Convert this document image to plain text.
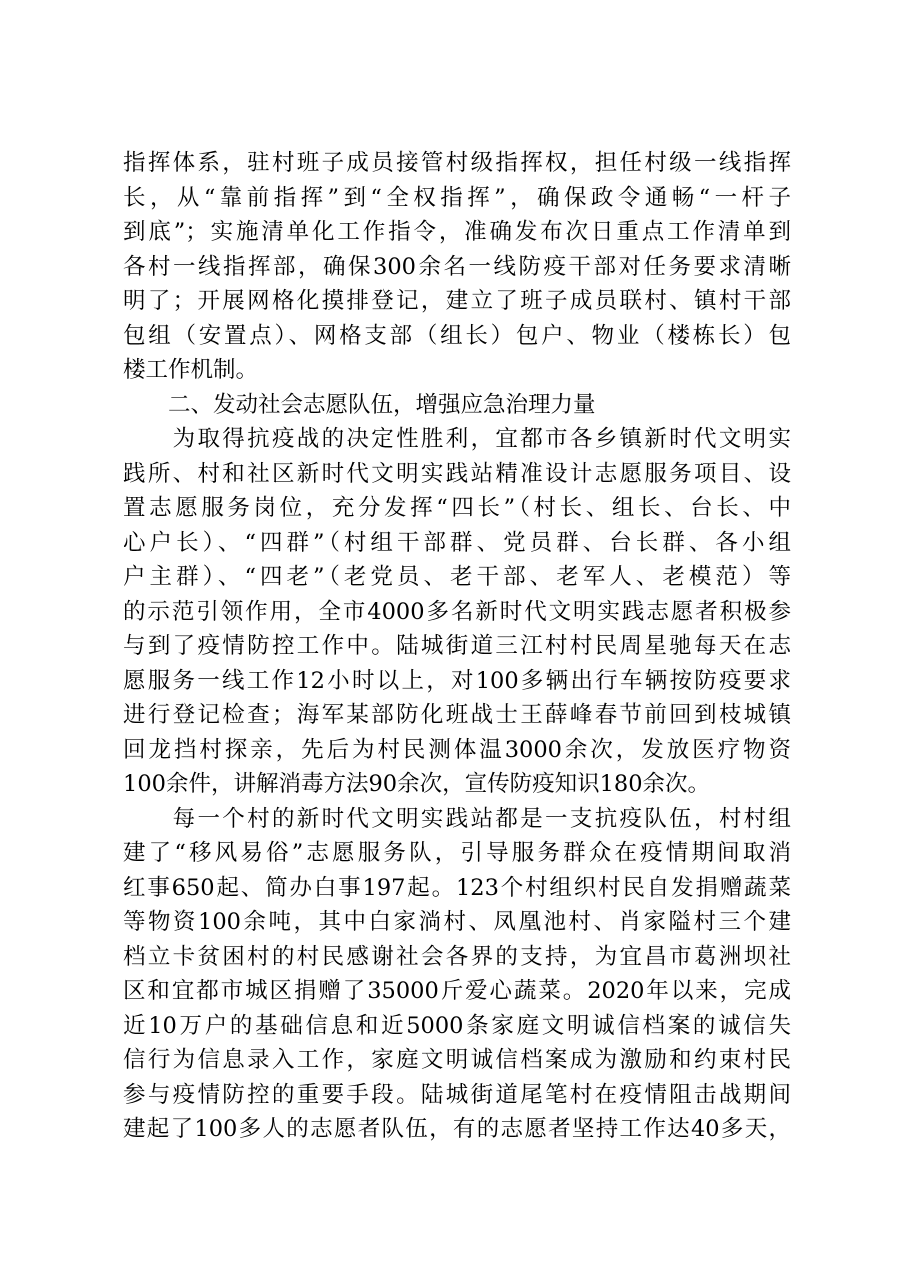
指挥体系，驻村班子成员接管村级指挥权，担任村级一线指挥
长，从“靠前指挥”到“全权指挥”，确保政令通畅“一杆子
到底”；实施清单化工作指令，准确发布次日重点工作清单到
各村一线指挥部，确保300余名一线防疫干部对任务要求清晰
明了；开展网格化摸排登记，建立了班子成员联村、镇村干部
包组（安置点）、网格支部（组长）包户、物业（楼栋长）包
楼工作机制。
　　二、发动社会志愿队伍，增强应急治理力量
　　为取得抗疫战的决定性胜利，宜都市各乡镇新时代文明实
践所、村和社区新时代文明实践站精准设计志愿服务项目、设
置志愿服务岗位，充分发挥“四长”（村长、组长、台长、中
心户长）、“四群”（村组干部群、党员群、台长群、各小组
户主群）、“四老”（老党员、老干部、老军人、老模范）等
的示范引领作用，全市4000多名新时代文明实践志愿者积极参
与到了疫情防控工作中。陆城街道三江村村民周星驰每天在志
愿服务一线工作12小时以上，对100多辆出行车辆按防疫要求
进行登记检查；海军某部防化班战士王薛峰春节前回到枝城镇
回龙挡村探亲，先后为村民测体温3000余次，发放医疗物资
100余件，讲解消毒方法90余次，宣传防疫知识180余次。
　　每一个村的新时代文明实践站都是一支抗疫队伍，村村组
建了“移风易俗”志愿服务队，引导服务群众在疫情期间取消
红事650起、简办白事197起。123个村组织村民自发捐赠蔬菜
等物资100余吨，其中白家淌村、凤凰池村、肖家隘村三个建
档立卡贫困村的村民感谢社会各界的支持，为宜昌市葛洲坝社
区和宜都市城区捐赠了35000斤爱心蔬菜。2020年以来，完成
近10万户的基础信息和近5000条家庭文明诚信档案的诚信失
信行为信息录入工作，家庭文明诚信档案成为激励和约束村民
参与疫情防控的重要手段。陆城街道尾笔村在疫情阻击战期间
建起了100多人的志愿者队伍，有的志愿者坚持工作达40多天，
